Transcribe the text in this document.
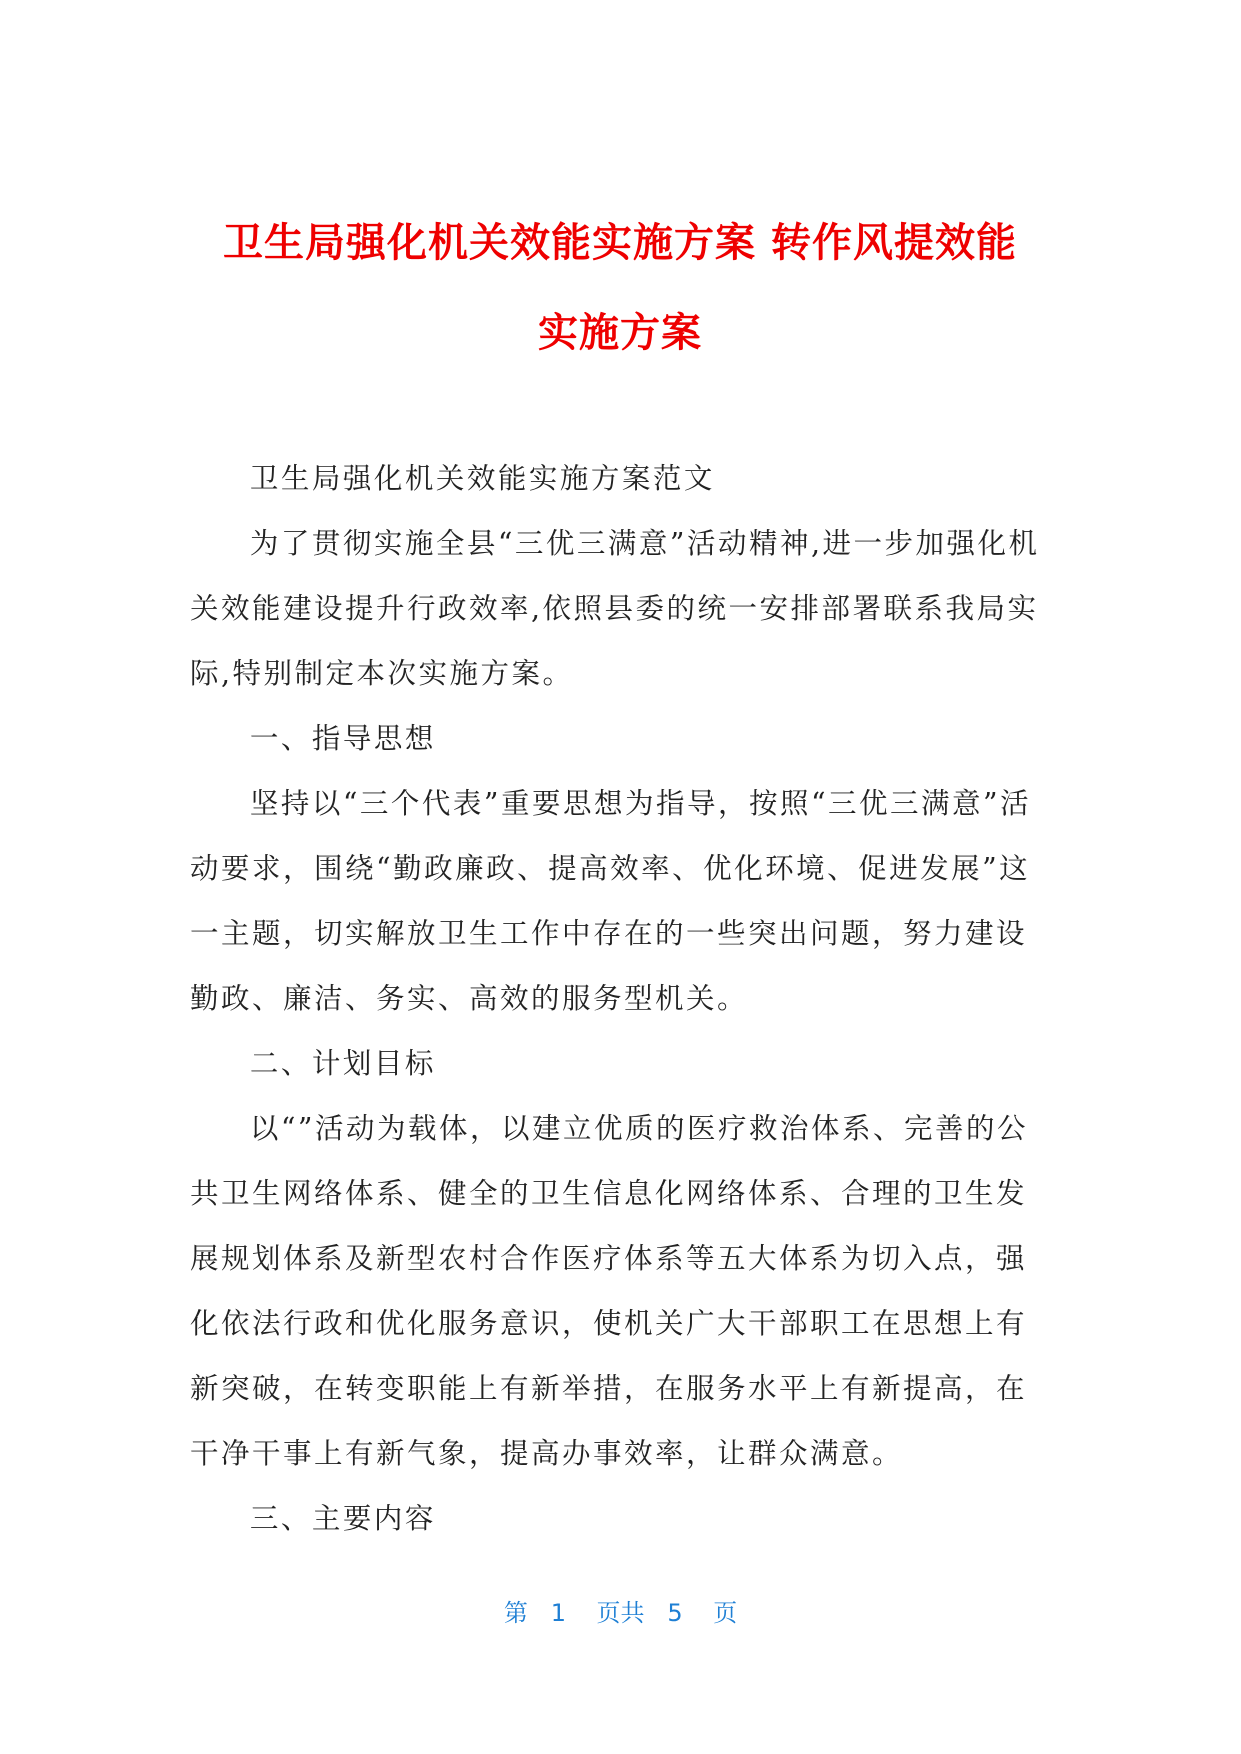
卫生局强化机关效能实施方案 转作风提效能
实施方案

卫生局强化机关效能实施方案范文

为了贯彻实施全县“三优三满意”活动精神,进一步加强化机关效能建设提升行政效率,依照县委的统一安排部署联系我局实际,特别制定本次实施方案。

一、指导思想

坚持以“三个代表”重要思想为指导，按照“三优三满意”活动要求，围绕“勤政廉政、提高效率、优化环境、促进发展”这一主题，切实解放卫生工作中存在的一些突出问题，努力建设勤政、廉洁、务实、高效的服务型机关。

二、计划目标

以“”活动为载体，以建立优质的医疗救治体系、完善的公共卫生网络体系、健全的卫生信息化网络体系、合理的卫生发展规划体系及新型农村合作医疗体系等五大体系为切入点，强化依法行政和优化服务意识，使机关广大干部职工在思想上有新突破，在转变职能上有新举措，在服务水平上有新提高，在干净干事上有新气象，提高办事效率，让群众满意。

三、主要内容

第 1 页共 5 页
